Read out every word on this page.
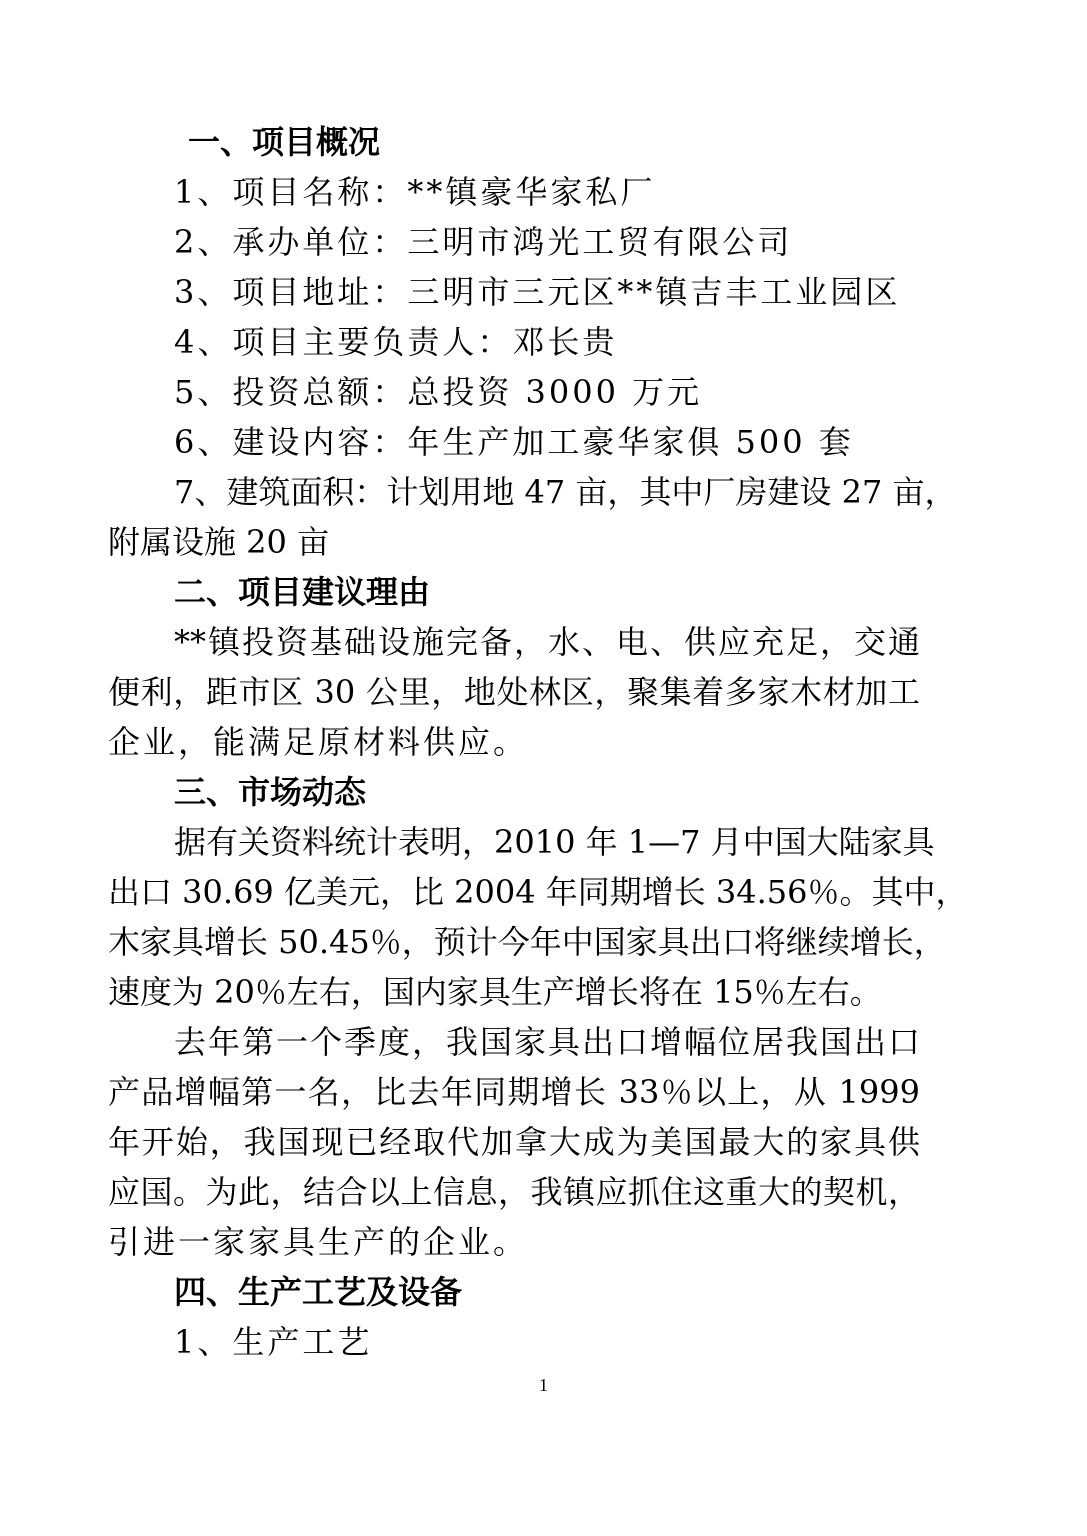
一、项目概况
1、项目名称：**镇豪华家私厂
2、承办单位：三明市鸿光工贸有限公司
3、项目地址：三明市三元区**镇吉丰工业园区
4、项目主要负责人：邓长贵
5、投资总额：总投资 3000 万元
6、建设内容：年生产加工豪华家俱 500 套
7、建筑面积：计划用地 47 亩，其中厂房建设 27 亩，
附属设施 20 亩
二、项目建议理由
**镇投资基础设施完备，水、电、供应充足，交通
便利，距市区 30 公里，地处林区，聚集着多家木材加工
企业，能满足原材料供应。
三、市场动态
据有关资料统计表明，2010 年 1—7 月中国大陆家具
出口 30.69 亿美元，比 2004 年同期增长 34.56％。其中，
木家具增长 50.45％，预计今年中国家具出口将继续增长，
速度为 20％左右，国内家具生产增长将在 15％左右。
去年第一个季度，我国家具出口增幅位居我国出口
产品增幅第一名，比去年同期增长 33％以上，从 1999
年开始，我国现已经取代加拿大成为美国最大的家具供
应国。为此，结合以上信息，我镇应抓住这重大的契机，
引进一家家具生产的企业。
四、生产工艺及设备
1、生产工艺
1
